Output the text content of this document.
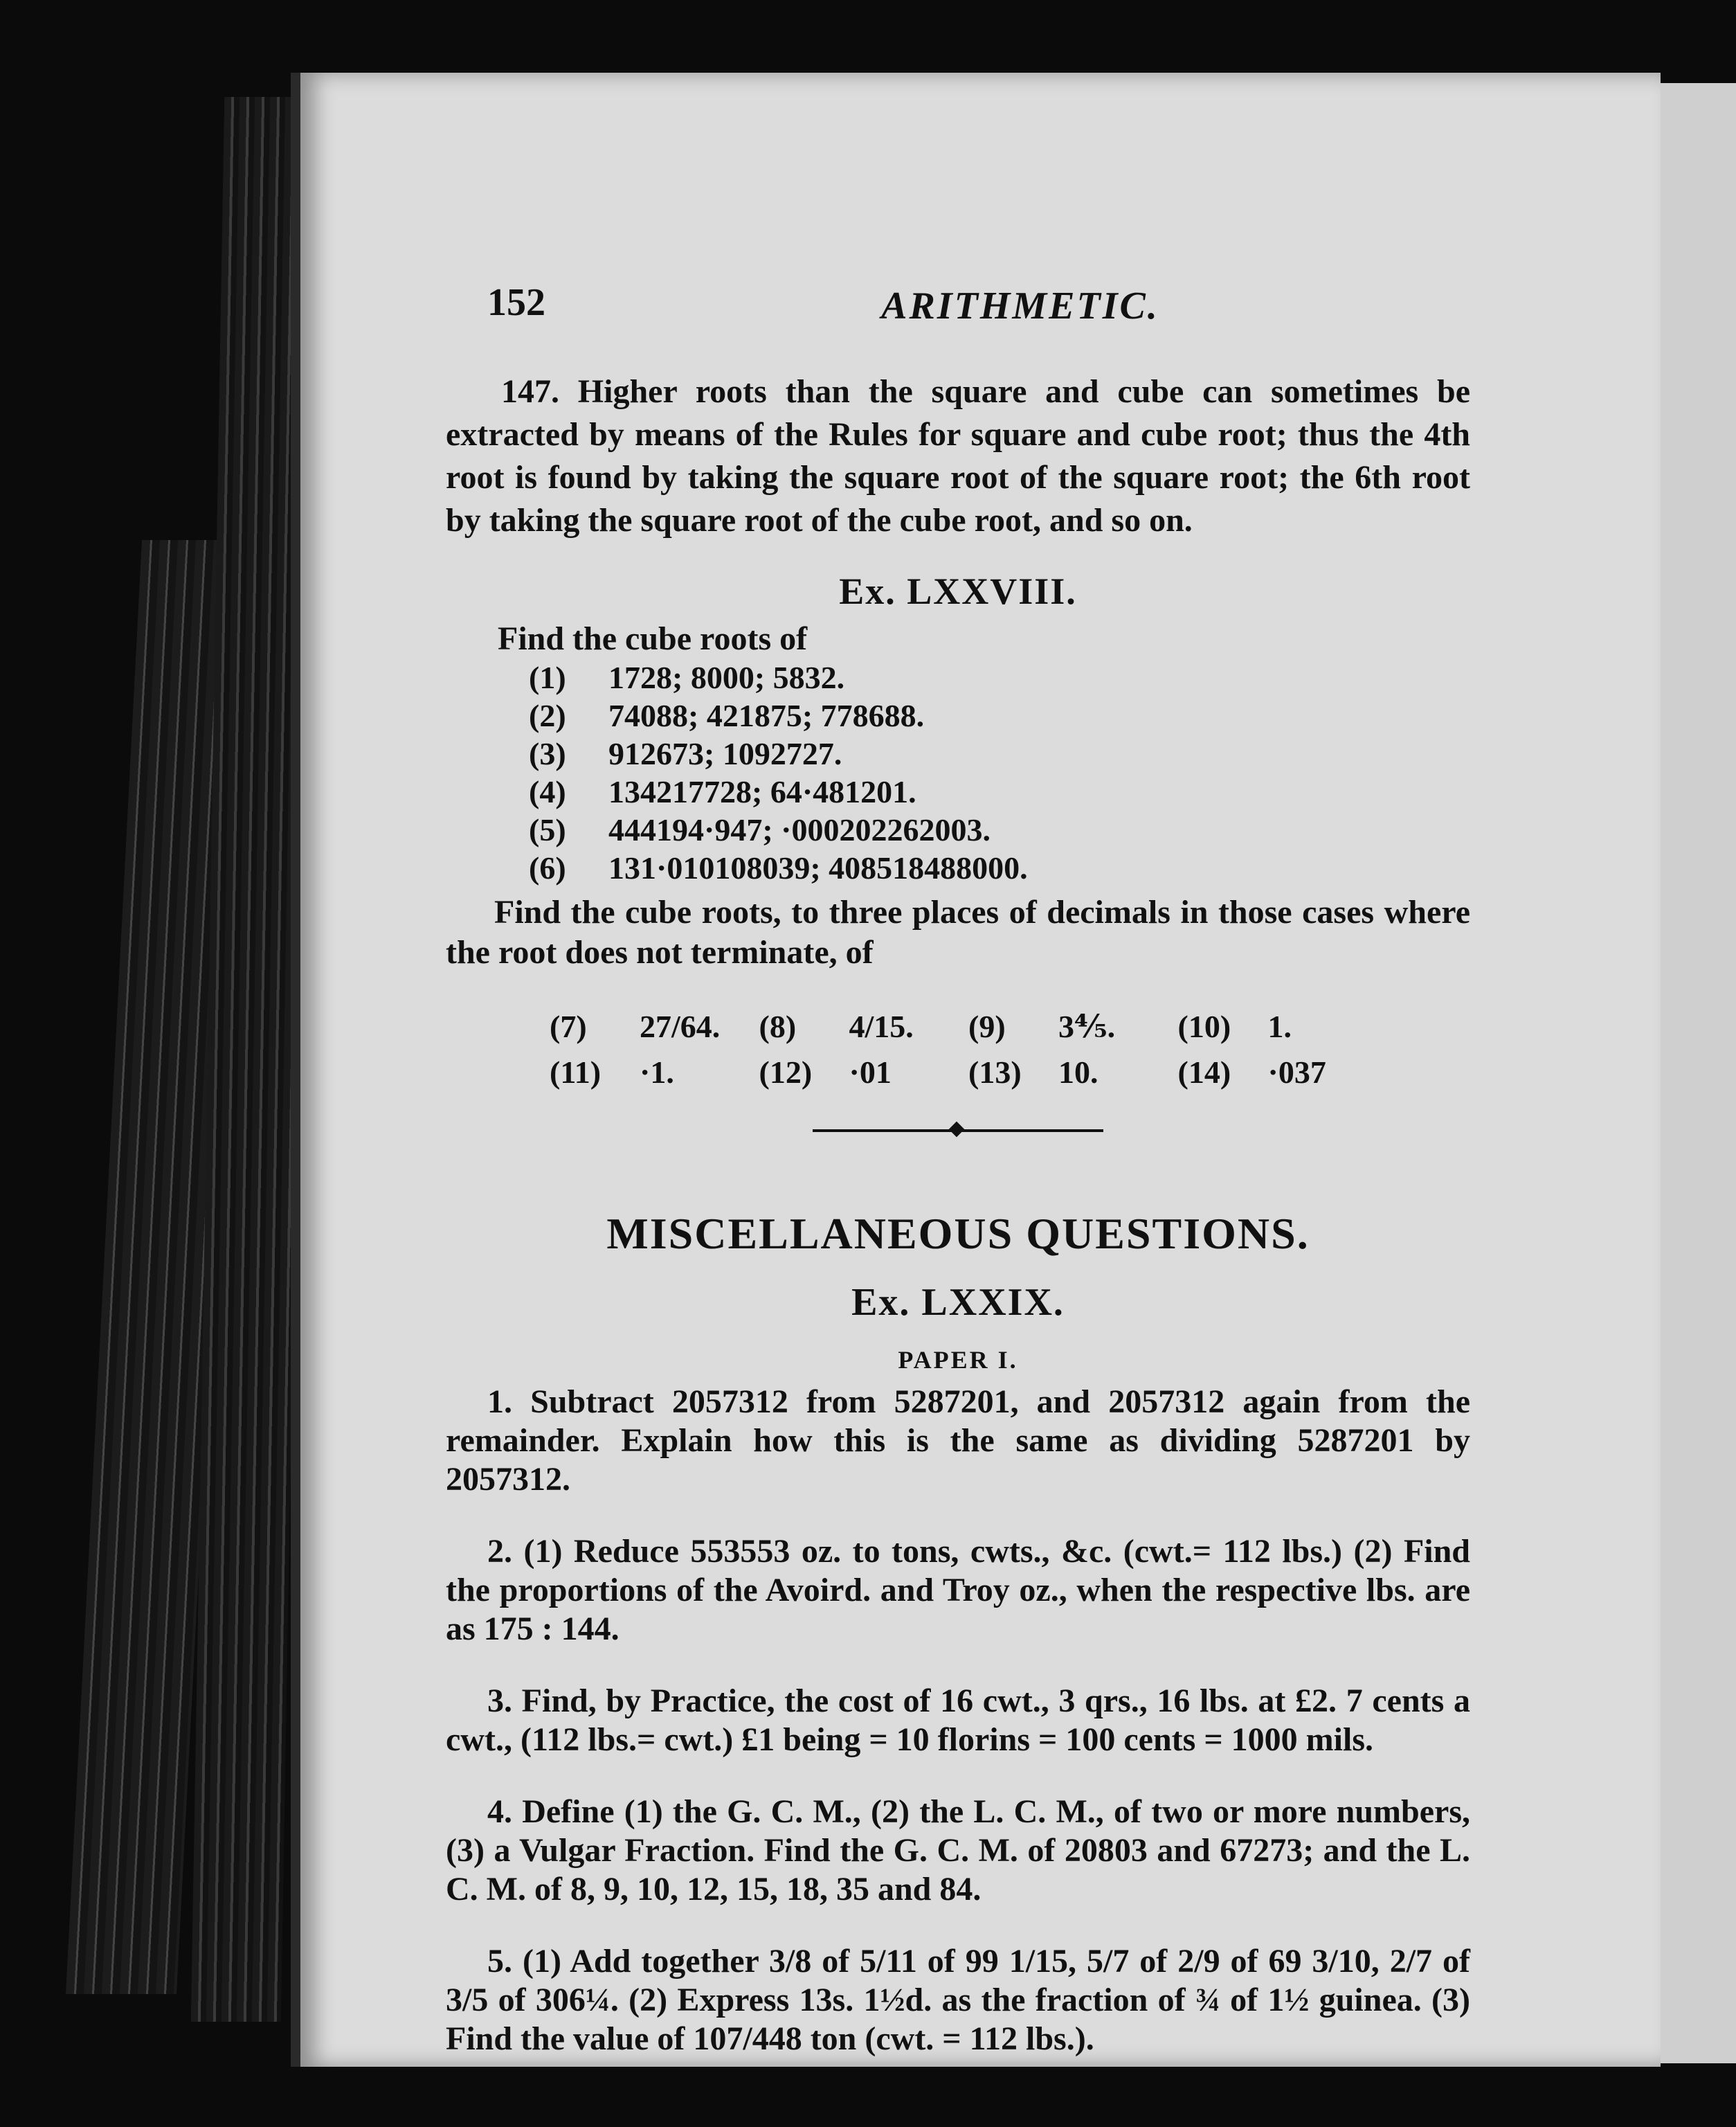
152	ARITHMETIC.

147. Higher roots than the square and cube can sometimes be extracted by means of the Rules for square and cube root; thus the 4th root is found by taking the square root of the square root; the 6th root by taking the square root of the cube root, and so on.

Ex. LXXVIII.
Find the cube roots of
(1)	1728; 8000; 5832.
(2)	74088; 421875; 778688.
(3)	912673; 1092727.
(4)	134217728; 64·481201.
(5)	444194·947; ·000202262003.
(6)	131·010108039; 408518488000.

Find the cube roots, to three places of decimals in those cases where the root does not terminate, of

(7) 27/64.	(8) 4/15.	(9) 3⅘.	(10) 1.
(11) ·1.	(12) ·01	(13) 10.	(14) ·037
MISCELLANEOUS QUESTIONS.
Ex. LXXIX.
PAPER I.

1. Subtract 2057312 from 5287201, and 2057312 again from the remainder. Explain how this is the same as dividing 5287201 by 2057312.

2. (1) Reduce 553553 oz. to tons, cwts., &c. (cwt.= 112 lbs.) (2) Find the proportions of the Avoird. and Troy oz., when the respective lbs. are as 175 : 144.

3. Find, by Practice, the cost of 16 cwt., 3 qrs., 16 lbs. at £2. 7 cents a cwt., (112 lbs.= cwt.) £1 being = 10 florins = 100 cents = 1000 mils.

4. Define (1) the G. C. M., (2) the L. C. M., of two or more numbers, (3) a Vulgar Fraction. Find the G. C. M. of 20803 and 67273; and the L. C. M. of 8, 9, 10, 12, 15, 18, 35 and 84.

5. (1) Add together 3/8 of 5/11 of 99 1/15, 5/7 of 2/9 of 69 3/10, 2/7 of 3/5 of 306¼. (2) Express 13s. 1½d. as the fraction of ¾ of 1½ guinea. (3) Find the value of 107/448 ton (cwt. = 112 lbs.).
